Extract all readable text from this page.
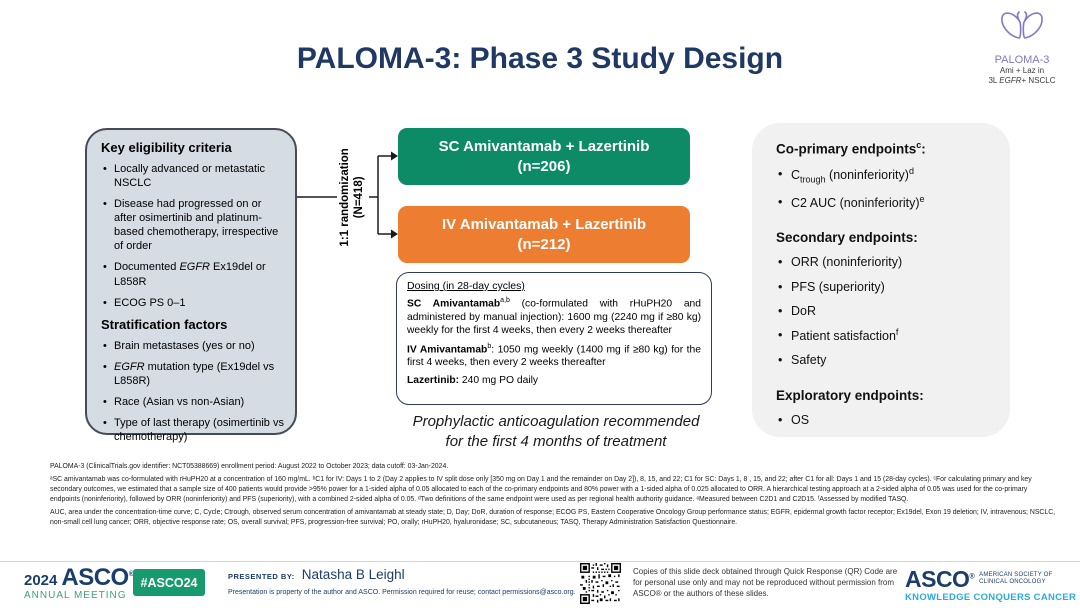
PALOMA-3: Phase 3 Study Design	PALOMA-3
Ami + Laz in
3L EGFR+ NSCLC
Key eligibility criteria
• Locally advanced or metastatic NSCLC
• Disease had progressed on or after osimertinib and platinum-based chemotherapy, irrespective of order
• Documented EGFR Ex19del or L858R
• ECOG PS 0–1
Stratification factors
• Brain metastases (yes or no)
• EGFR mutation type (Ex19del vs L858R)
• Race (Asian vs non-Asian)
• Type of last therapy (osimertinib vs chemotherapy)
1:1 randomization (N=418)
SC Amivantamab + Lazertinib
(n=206)
IV Amivantamab + Lazertinib
(n=212)
Dosing (in 28-day cycles)

SC Amivantamab$^{a,b}$ (co-formulated with rHuPH20 and administered by manual injection): 1600 mg (2240 mg if ≥80 kg) weekly for the first 4 weeks, then every 2 weeks thereafter

IV Amivantamab$^b$: 1050 mg weekly (1400 mg if ≥80 kg) for the first 4 weeks, then every 2 weeks thereafter

Lazertinib: 240 mg PO daily

Prophylactic anticoagulation recommended
for the first 4 months of treatment
Co-primary endpoints$^c$:
• $C_{trough}$ (noninferiority)$^d$
• C2 AUC (noninferiority)$^e$
Secondary endpoints:
• ORR (noninferiority)
• PFS (superiority)
• DoR
• Patient satisfaction$^f$
• Safety
Exploratory endpoints:
• OS

PALOMA-3 (ClinicalTrials.gov identifier: NCT05388669) enrollment period: August 2022 to October 2023; data cutoff: 03-Jan-2024.

ᵃSC amivantamab was co-formulated with rHuPH20 at a concentration of 160 mg/mL. ᵇC1 for IV: Days 1 to 2 (Day 2 applies to IV split dose only [350 mg on Day 1 and the remainder on Day 2]), 8, 15, and 22; C1 for SC: Days 1, 8 , 15, and 22; after C1 for all: Days 1 and 15 (28-day cycles). ᶜFor calculating primary and key secondary outcomes, we estimated that a sample size of 400 patients would provide >95% power for a 1-sided alpha of 0.05 allocated to each of the co-primary endpoints and 80% power with a 1-sided alpha of 0.025 allocated to ORR. A hierarchical testing approach at a 2-sided alpha of 0.05 was used for the co-primary endpoints (noninferiority), followed by ORR (noninferiority) and PFS (superiority), with a combined 2-sided alpha of 0.05. ᵈTwo definitions of the same endpoint were used as per regional health authority guidance. ᵉMeasured between C2D1 and C2D15. ᶠAssessed by modified TASQ.

AUC, area under the concentration-time curve; C, Cycle; Ctrough, observed serum concentration of amivantamab at steady state; D, Day; DoR, duration of response; ECOG PS, Eastern Cooperative Oncology Group performance status; EGFR, epidermal growth factor receptor; Ex19del, Exon 19 deletion; IV, intravenous; NSCLC, non-small cell lung cancer; ORR, objective response rate; OS, overall survival; PFS, progression-free survival; PO, orally; rHuPH20, hyaluronidase; SC, subcutaneous; TASQ, Therapy Administration Satisfaction Questionnaire.

2024 ASCO®
ANNUAL MEETING
#ASCO24	PRESENTED BY: Natasha B Leighl
Presentation is property of the author and ASCO. Permission required for reuse; contact permissions@asco.org.
Copies of this slide deck obtained through Quick Response (QR) Code are for personal use only and may not be reproduced without permission from ASCO® or the authors of these slides.
ASCO® AMERICAN SOCIETY OF
CLINICAL ONCOLOGY
KNOWLEDGE CONQUERS CANCER
